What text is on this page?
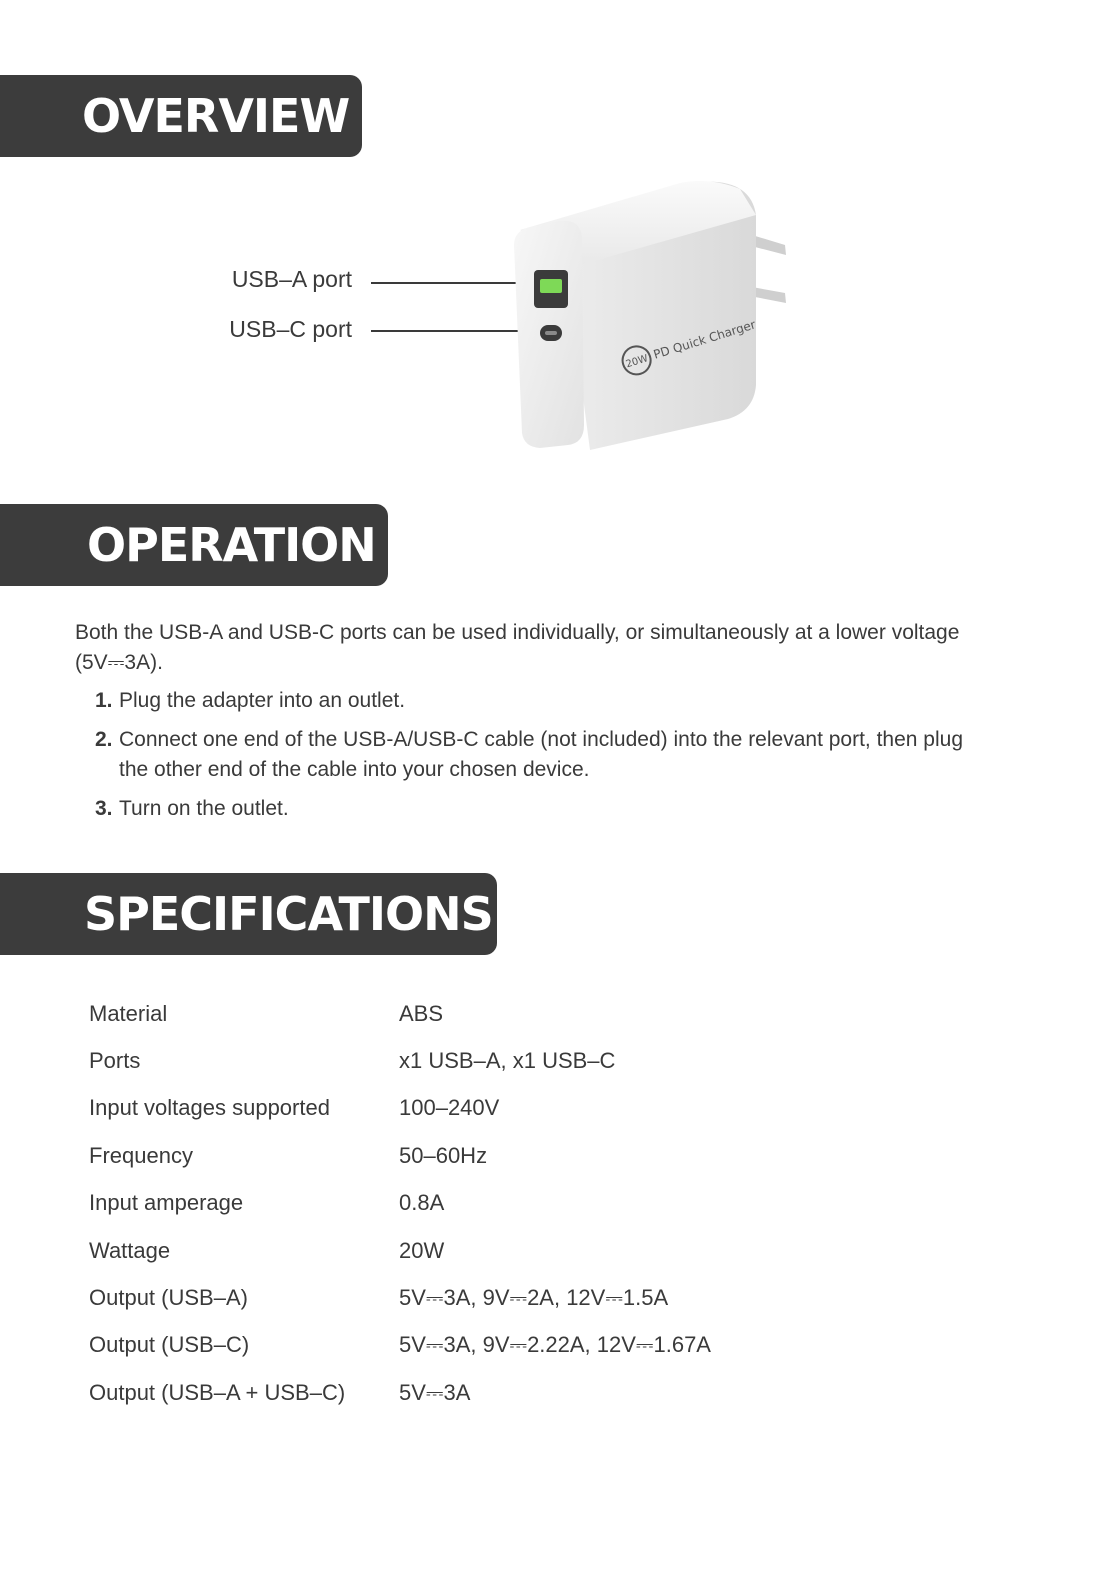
OVERVIEW
USB–A port
USB–C port
20W
PD Quick Charger
OPERATION

Both the USB-A and USB-C ports can be used individually, or simultaneously at a lower voltage (5V⎓3A).

1. Plug the adapter into an outlet.
2. Connect one end of the USB-A/USB-C cable (not included) into the relevant port, then plug the other end of the cable into your chosen device.
3. Turn on the outlet.
SPECIFICATIONS
Material	ABS
Ports	x1 USB–A, x1 USB–C
Input voltages supported	100–240V
Frequency	50–60Hz
Input amperage	0.8A
Wattage	20W
Output (USB–A)	5V⎓3A, 9V⎓2A, 12V⎓1.5A
Output (USB–C)	5V⎓3A, 9V⎓2.22A, 12V⎓1.67A
Output (USB–A + USB–C)	5V⎓3A
